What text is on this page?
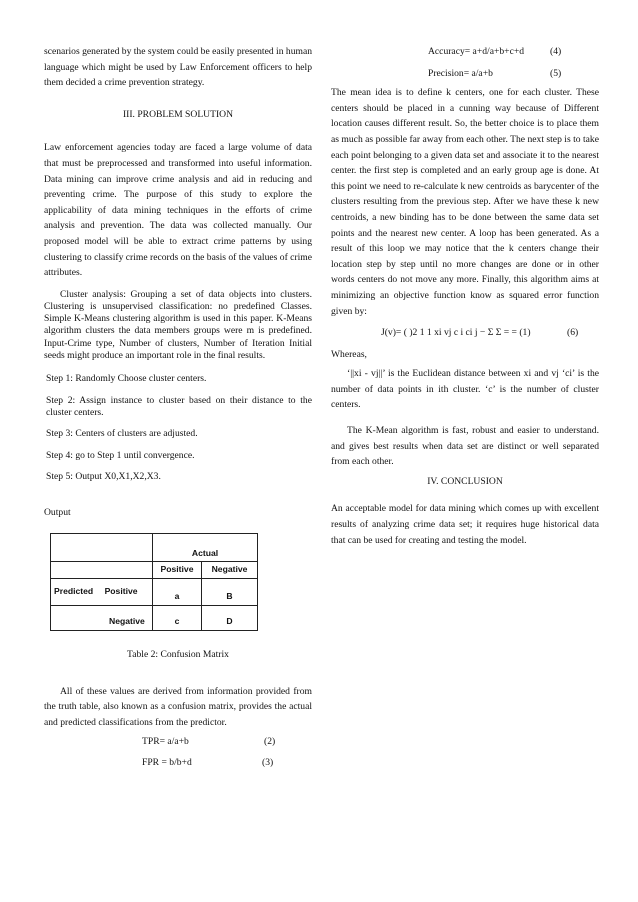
scenarios generated by the system could be easily presented in human language which might be used by Law Enforcement officers to help them decided a crime prevention strategy.

III. PROBLEM SOLUTION

Law enforcement agencies today are faced a large volume of data that must be preprocessed and transformed into useful information. Data mining can improve crime analysis and aid in reducing and preventing crime. The purpose of this study to explore the applicability of data mining techniques in the efforts of crime analysis and prevention. The data was collected manually. Our proposed model will be able to extract crime patterns by using clustering to classify crime records on the basis of the values of crime attributes.

Cluster analysis: Grouping a set of data objects into clusters. Clustering is unsupervised classification: no predefined Classes. Simple K-Means clustering algorithm is used in this paper. K-Means algorithm clusters the data members groups were m is predefined. Input-Crime type, Number of clusters, Number of Iteration Initial seeds might produce an important role in the final results.

Step 1: Randomly Choose cluster centers.

Step 2: Assign instance to cluster based on their distance to the cluster centers.

Step 3: Centers of clusters are adjusted.

Step 4: go to Step 1 until convergence.

Step 5: Output X0,X1,X2,X3.

Output

	Actual	
	Positive	Negative
Predicted Positive	a	B
Negative	c	D

Table 2: Confusion Matrix

All of these values are derived from information provided from the truth table, also known as a confusion matrix, provides the actual and predicted classifications from the predictor.

TPR= a/a+b	(2)
FPR = b/b+d	(3)
Accuracy= a+d/a+b+c+d	(4)
Precision= a/a+b	(5)

The mean idea is to define k centers, one for each cluster. These centers should be placed in a cunning way because of Different location causes different result. So, the better choice is to place them as much as possible far away from each other. The next step is to take each point belonging to a given data set and associate it to the nearest center. the first step is completed and an early group age is done. At this point we need to re-calculate k new centroids as barycenter of the clusters resulting from the previous step. After we have these k new centroids, a new binding has to be done between the same data set points and the nearest new center. A loop has been generated. As a result of this loop we may notice that the k centers change their location step by step until no more changes are done or in other words centers do not move any more. Finally, this algorithm aims at minimizing an objective function know as squared error function given by:

J(v)= ( )2 1 1 xi vj c i ci j − Σ Σ = = (1)	(6)

Whereas,

‘||xi - vj||’ is the Euclidean distance between xi and vj ‘ci’ is the number of data points in ith cluster. ‘c’ is the number of cluster centers.

The K-Mean algorithm is fast, robust and easier to understand. and gives best results when data set are distinct or well separated from each other.

IV. CONCLUSION

An acceptable model for data mining which comes up with excellent results of analyzing crime data set; it requires huge historical data that can be used for creating and testing the model.
